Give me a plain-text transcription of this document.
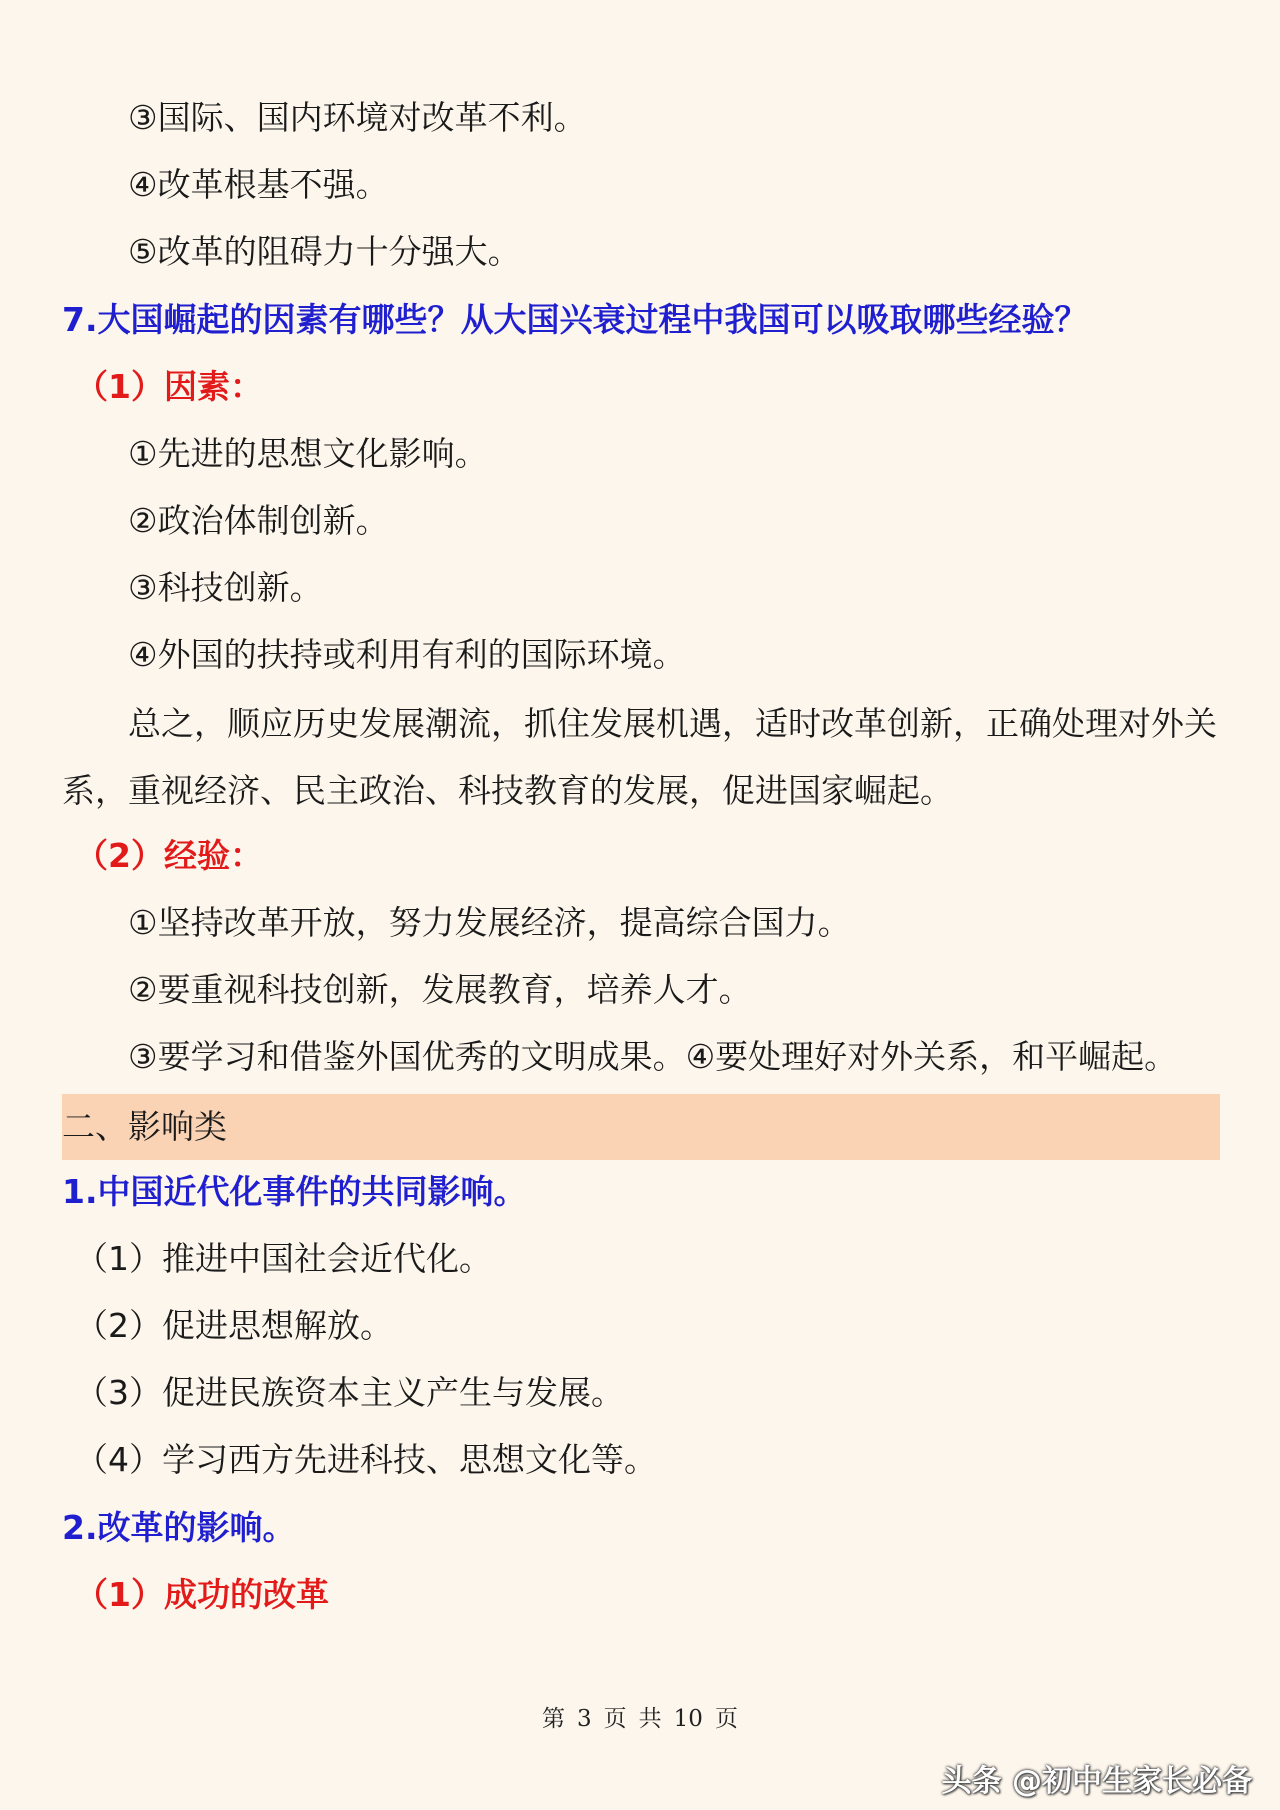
③国际、国内环境对改革不利。
④改革根基不强。
⑤改革的阻碍力十分强大。
7.大国崛起的因素有哪些？从大国兴衰过程中我国可以吸取哪些经验？
（1）因素：
①先进的思想文化影响。
②政治体制创新。
③科技创新。
④外国的扶持或利用有利的国际环境。
总之，顺应历史发展潮流，抓住发展机遇，适时改革创新，正确处理对外关系，重视经济、民主政治、科技教育的发展，促进国家崛起。
（2）经验：
①坚持改革开放，努力发展经济，提高综合国力。
②要重视科技创新，发展教育，培养人才。
③要学习和借鉴外国优秀的文明成果。④要处理好对外关系，和平崛起。
二、影响类
1.中国近代化事件的共同影响。
（1）推进中国社会近代化。
（2）促进思想解放。
（3）促进民族资本主义产生与发展。
（4）学习西方先进科技、思想文化等。
2.改革的影响。
（1）成功的改革
第 3 页 共 10 页
头条 @初中生家长必备
